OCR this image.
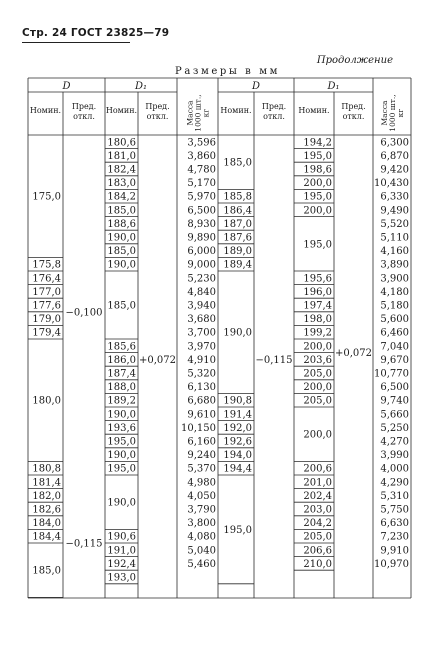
Стр. 24 ГОСТ 23825—79
Продолжение
Размеры в мм
D	D₁
Номин. Пред.
откл.
Номин. Пред.
откл. Масса 1000 шт., кг
175,0
175,8
176,4
177,0
177,6
179,0
179,4
180,0
180,8
181,4
182,0
182,6
184,0
184,4
185,0
−0,100
−0,115
180,6
181,0
182,4
183,0
184,2
185,0
188,6
190,0
185,0
190,0
185,0
185,6
186,0
187,4
188,0
189,2
190,0
193,6
195,0
190,0
195,0
190,0
190,6
191,0
192,4
193,0
+0,072
3,596
3,860
4,780
5,170
5,970
6,500
8,930
9,890
6,000
9,000
5,230
4,840
3,940
3,680
3,700
3,970
4,910
5,320
6,130
6,680
9,610
10,150
6,160
9,240
5,370
4,980
4,050
3,790
3,800
4,080
5,040
5,460
D	D₁
Номин. Пред.
откл.
Номин. Пред.
откл. Масса 1000 шт., кг
185,0
185,8
186,4
187,0
187,6
189,0
189,4
190,0
190,8
191,4
192,0
192,6
194,0
194,4
195,0
−0,115
194,2
195,0
198,6
200,0
195,0
200,0
195,0
195,6
196,0
197,4
198,0
199,2
200,0
203,6
205,0
200,0
205,0
200,0
200,6
201,0
202,4
203,0
204,2
205,0
206,6
210,0
+0,072
6,300
6,870
9,420
10,430
6,330
9,490
5,520
5,110
4,160
3,890
3,900
4,180
5,180
5,600
6,460
7,040
9,670
10,770
6,500
9,740
5,660
5,250
4,270
3,990
4,000
4,290
5,310
5,750
6,630
7,230
9,910
10,970
